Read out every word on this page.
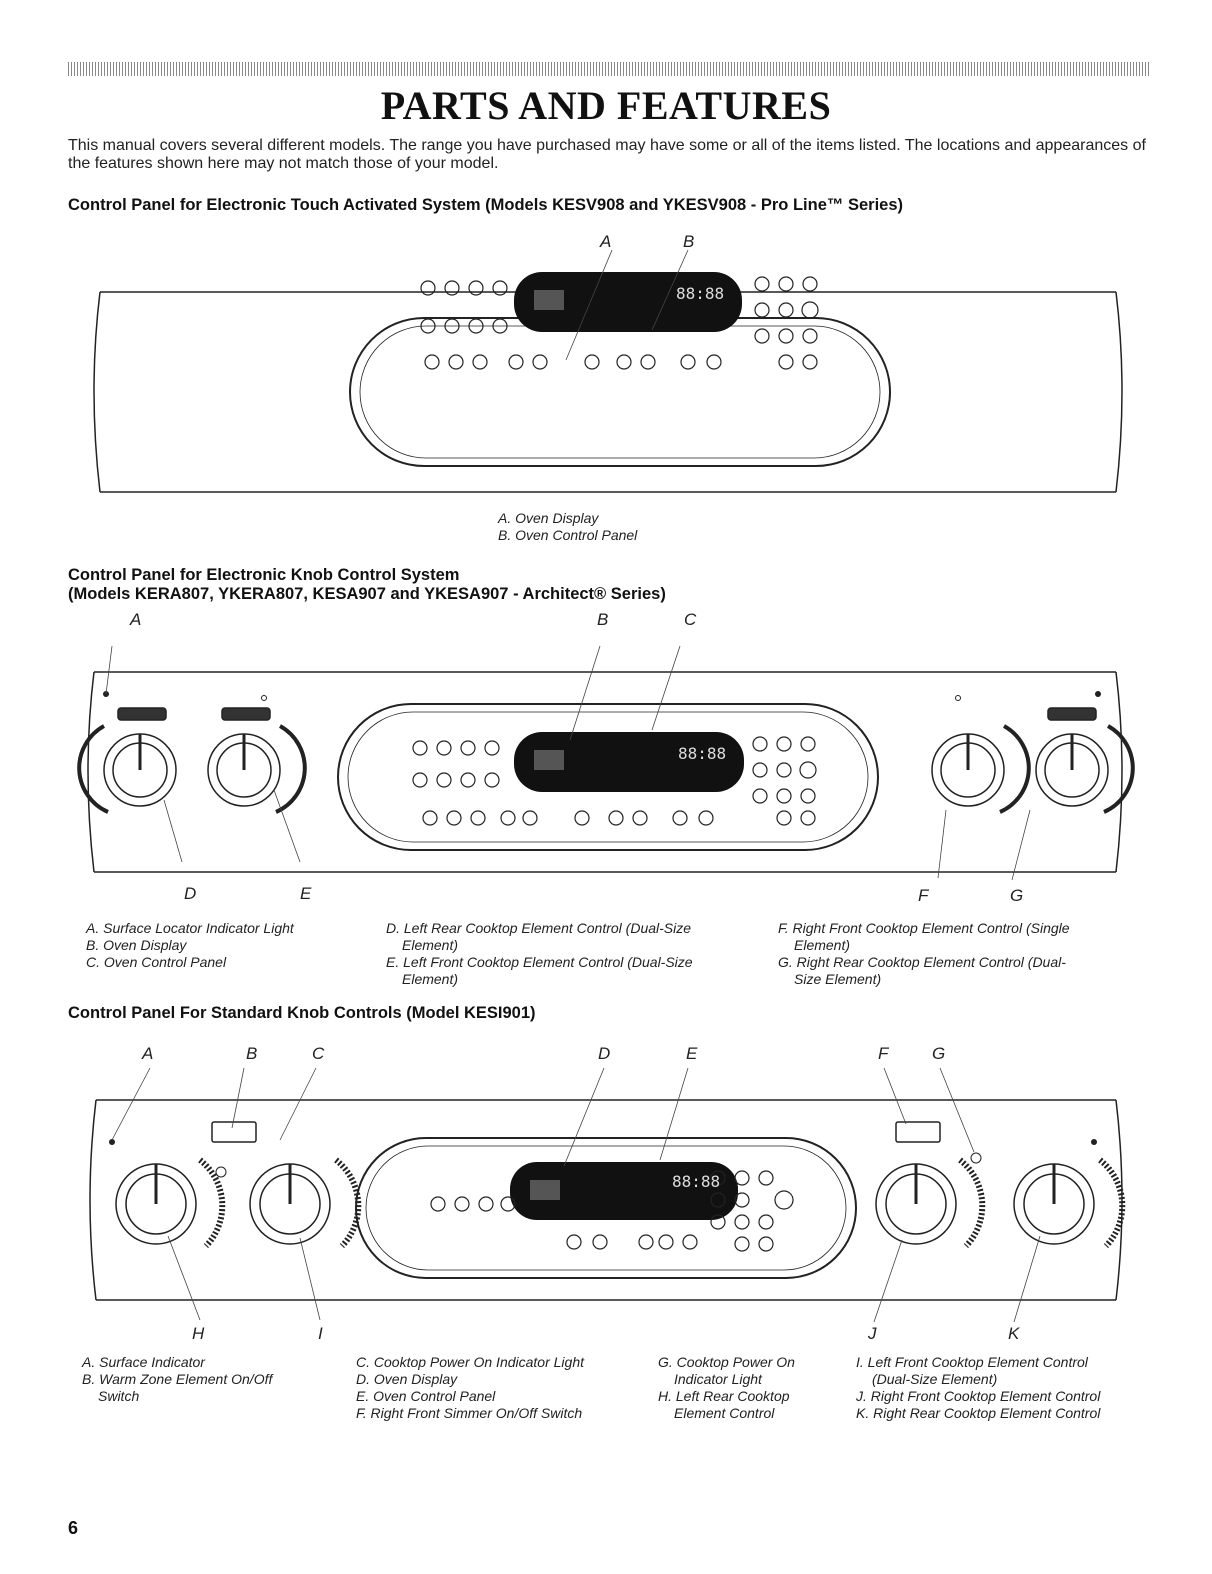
PARTS AND FEATURES
This manual covers several different models. The range you have purchased may have some or all of the items listed. The locations and appearances of the features shown here may not match those of your model.
Control Panel for Electronic Touch Activated System (Models KESV908 and YKESV908 - Pro Line™ Series)
A	B
88:88
88:88
88:88
A. Oven Display
B. Oven Control Panel
Control Panel for Electronic Knob Control System
(Models KERA807, YKERA807, KESA907 and YKESA907 - Architect® Series)
A	B	C
D	E	F	G
A. Surface Locator Indicator Light
B. Oven Display
C. Oven Control Panel
D. Left Rear Cooktop Element Control (Dual-Size
Element)
E. Left Front Cooktop Element Control (Dual-Size
Element)
F. Right Front Cooktop Element Control (Single
Element)
G. Right Rear Cooktop Element Control (Dual-
Size Element)
Control Panel For Standard Knob Controls (Model KESI901)
A	B	C	D	E	F	G
H	I	J	K
A. Surface Indicator
B. Warm Zone Element On/Off
Switch
C. Cooktop Power On Indicator Light
D. Oven Display
E. Oven Control Panel
F. Right Front Simmer On/Off Switch
G. Cooktop Power On
Indicator Light
H. Left Rear Cooktop
Element Control
I. Left Front Cooktop Element Control
(Dual-Size Element)
J. Right Front Cooktop Element Control
K. Right Rear Cooktop Element Control
6
